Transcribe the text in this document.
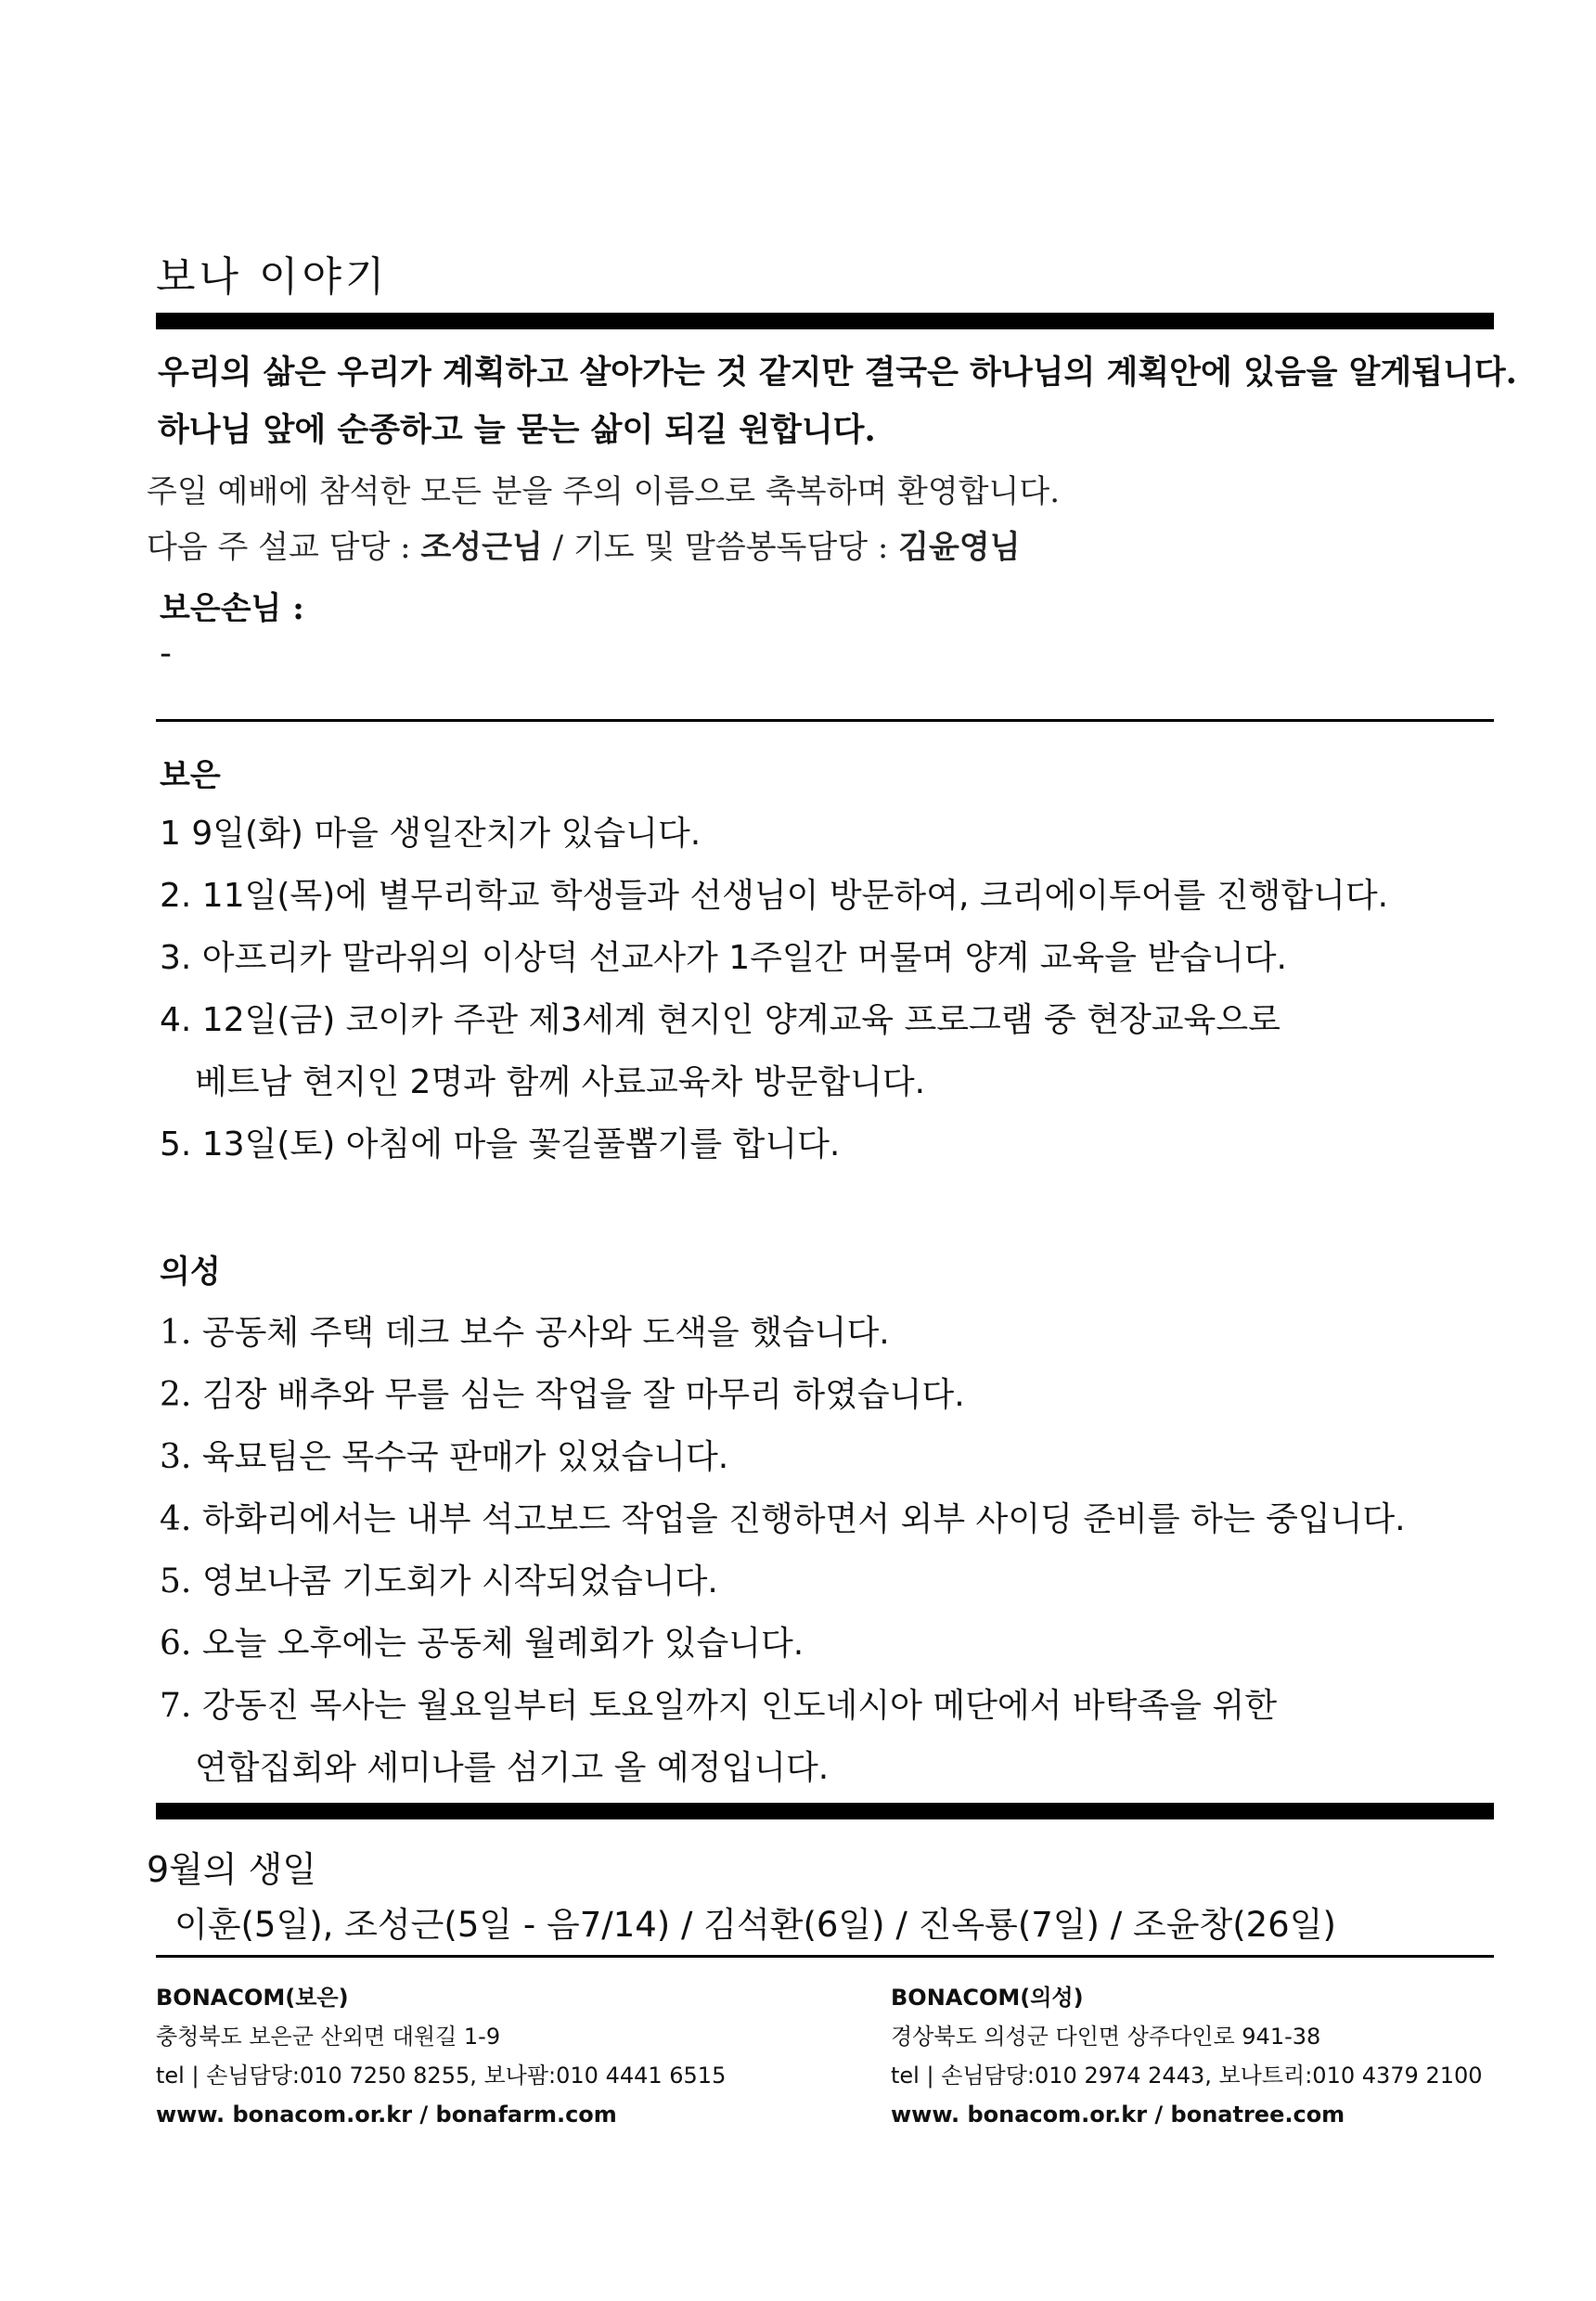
보나 이야기
우리의 삶은 우리가 계획하고 살아가는 것 같지만 결국은 하나님의 계획안에 있음을 알게됩니다.
하나님 앞에 순종하고 늘 묻는 삶이 되길 원합니다.
주일 예배에 참석한 모든 분을 주의 이름으로 축복하며 환영합니다.
다음 주 설교 담당 : 조성근님 / 기도 및 말씀봉독담당 : 김윤영님
보은손님 :
-
보은
1 9일(화) 마을 생일잔치가 있습니다.
2. 11일(목)에 별무리학교 학생들과 선생님이 방문하여, 크리에이투어를 진행합니다.
3. 아프리카 말라위의 이상덕 선교사가 1주일간 머물며 양계 교육을 받습니다.
4. 12일(금) 코이카 주관 제3세계 현지인 양계교육 프로그램 중 현장교육으로
베트남 현지인 2명과 함께 사료교육차 방문합니다.
5. 13일(토) 아침에 마을 꽃길풀뽑기를 합니다.
의성
1. 공동체 주택 데크 보수 공사와 도색을 했습니다.
2. 김장 배추와 무를 심는 작업을 잘 마무리 하였습니다.
3. 육묘팀은 목수국 판매가 있었습니다.
4. 하화리에서는 내부 석고보드 작업을 진행하면서 외부 사이딩 준비를 하는 중입니다.
5. 영보나콤 기도회가 시작되었습니다.
6. 오늘 오후에는 공동체 월례회가 있습니다.
7. 강동진 목사는 월요일부터 토요일까지 인도네시아 메단에서 바탁족을 위한
연합집회와 세미나를 섬기고 올 예정입니다.
9월의 생일
이훈(5일), 조성근(5일 - 음7/14) / 김석환(6일) / 진옥룡(7일) / 조윤창(26일)
BONACOM(보은)
충청북도 보은군 산외면 대원길 1-9
tel | 손님담당:010 7250 8255, 보나팜:010 4441 6515
www. bonacom.or.kr / bonafarm.com
BONACOM(의성)
경상북도 의성군 다인면 상주다인로 941-38
tel | 손님담당:010 2974 2443, 보나트리:010 4379 2100
www. bonacom.or.kr / bonatree.com
